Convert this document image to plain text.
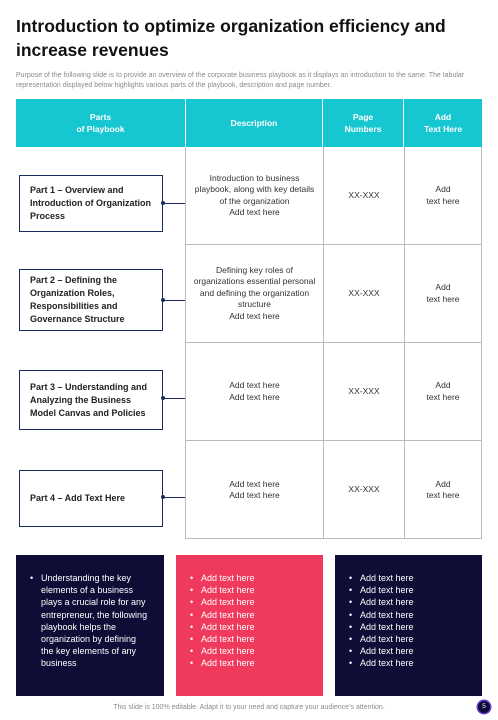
Introduction to optimize organization efficiency and increase revenues
Purpose of the following slide is to provide an overview of the corporate business playbook as it displays an introduction to the same. The tabular representation displayed below highlights various parts of the playbook, description and page number.
Parts
of Playbook
Description
Page
Numbers
Add
Text Here
Introduction to business playbook, along with key details of the organization
Add text here
XX-XXX
Add
text here
Defining key roles of organizations essential personal and defining the organization structure
Add text here
XX-XXX
Add
text here
Add text here
Add text here
XX-XXX
Add
text here
Add text here
Add text here
XX-XXX
Add
text here
Part 1 – Overview and Introduction of Organization Process
Part 2 – Defining the Organization Roles, Responsibilities and Governance Structure
Part 3 – Understanding and Analyzing the Business Model Canvas and Policies
Part 4 – Add Text Here
• Understanding the key elements of a business plays a crucial role for any entrepreneur, the following playbook helps the organization by defining the key elements of any business
• Add text here
• Add text here
• Add text here
• Add text here
• Add text here
• Add text here
• Add text here
• Add text here
• Add text here
• Add text here
• Add text here
• Add text here
• Add text here
• Add text here
• Add text here
• Add text here
This slide is 100% editable. Adapt it to your need and capture your audience’s attention.	5
